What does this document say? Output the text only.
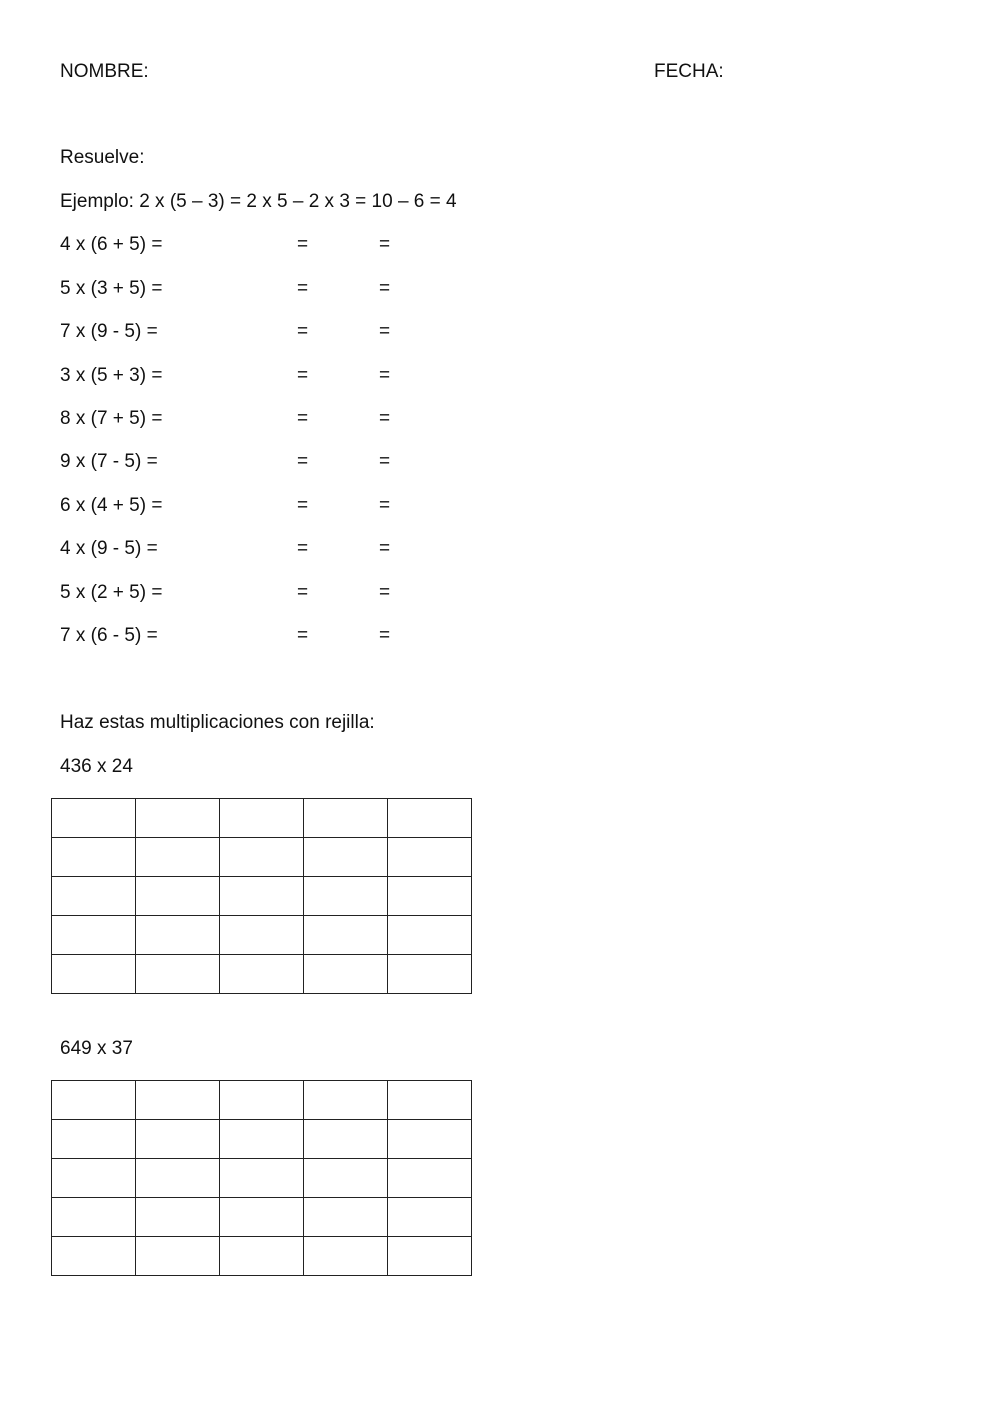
NOMBRE:	FECHA:
Resuelve:
Ejemplo: 2 x (5 – 3) = 2 x 5 – 2 x 3 = 10 – 6 = 4
4 x (6 + 5) =	=	=
5 x (3 + 5) =	=	=
7 x (9 - 5) =	=	=
3 x (5 + 3) =	=	=
8 x (7 + 5) =	=	=
9 x (7 - 5) =	=	=
6 x (4 + 5) =	=	=
4 x (9 - 5) =	=	=
5 x (2 + 5) =	=	=
7 x (6 - 5) =	=	=
Haz estas multiplicaciones con rejilla:
436 x 24

649 x 37
